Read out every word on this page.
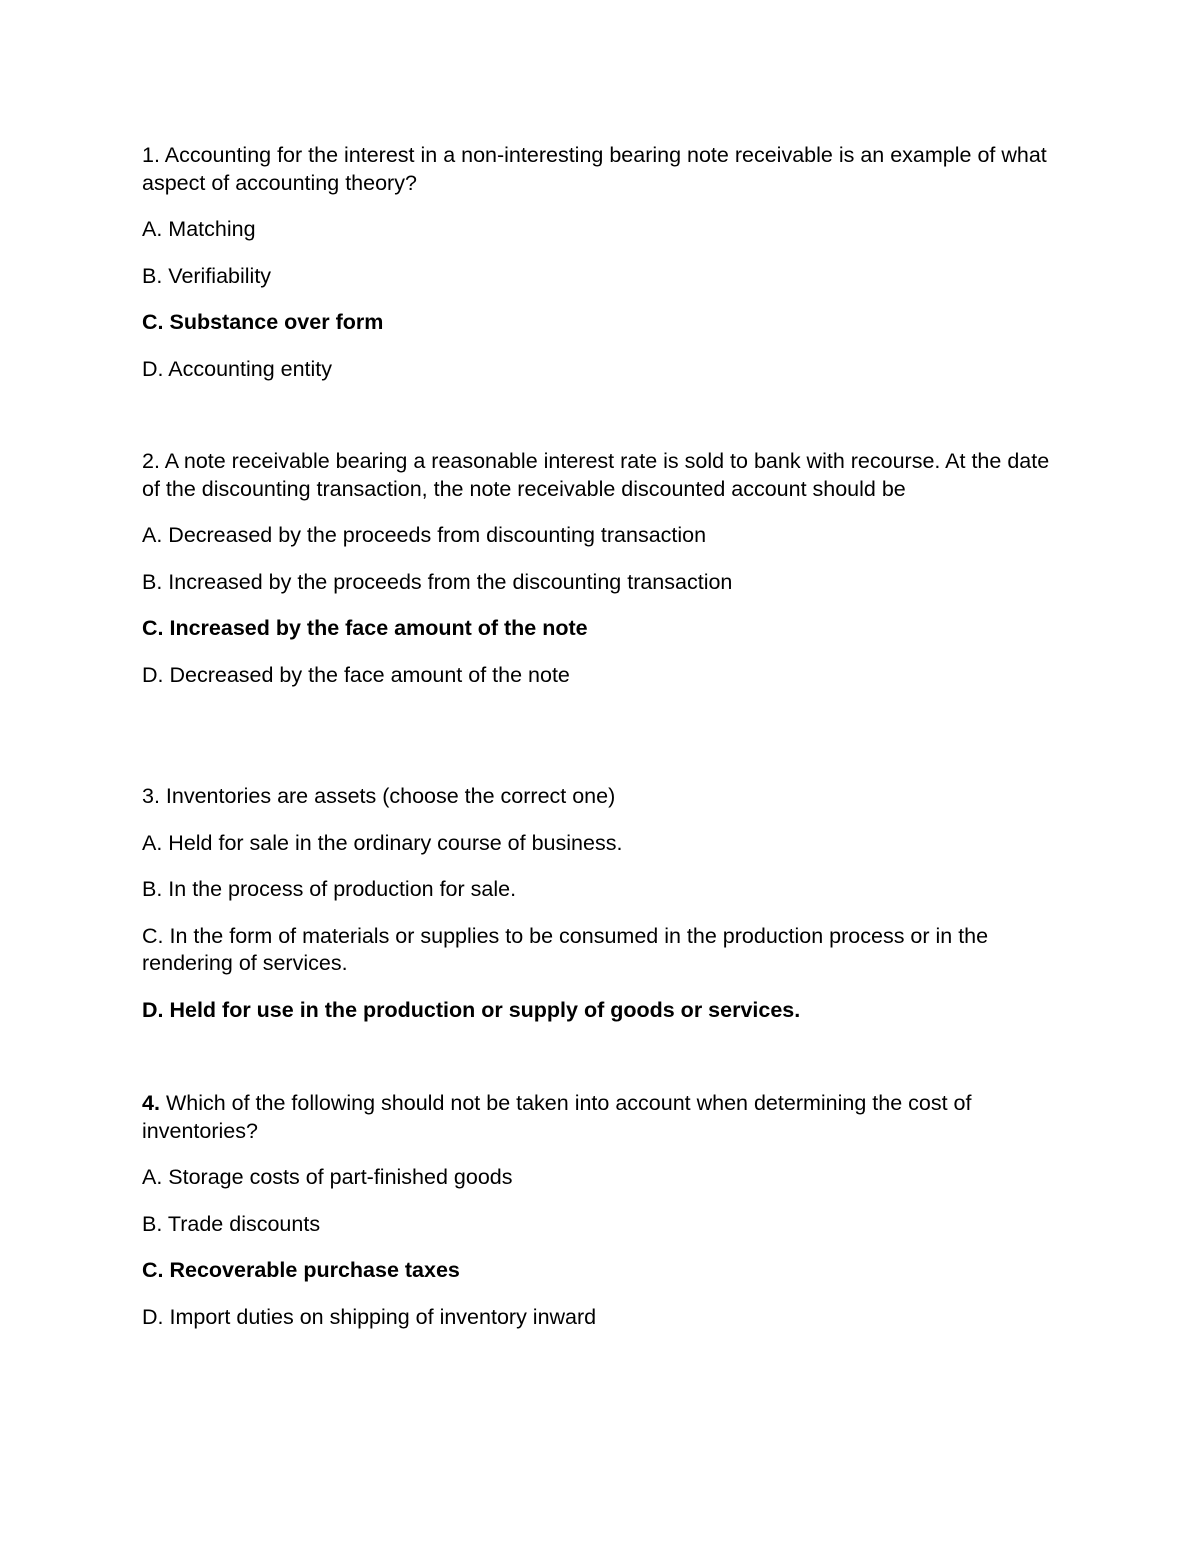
1. Accounting for the interest in a non-interesting bearing note receivable is an example of what aspect of accounting theory?

A. Matching

B. Verifiability

C. Substance over form

D. Accounting entity

2. A note receivable bearing a reasonable interest rate is sold to bank with recourse. At the date of the discounting transaction, the note receivable discounted account should be

A. Decreased by the proceeds from discounting transaction

B. Increased by the proceeds from the discounting transaction

C. Increased by the face amount of the note

D. Decreased by the face amount of the note

3. Inventories are assets (choose the correct one)

A. Held for sale in the ordinary course of business.

B. In the process of production for sale.

C. In the form of materials or supplies to be consumed in the production process or in the rendering of services.

D. Held for use in the production or supply of goods or services.

4. Which of the following should not be taken into account when determining the cost of inventories?

A. Storage costs of part-finished goods

B. Trade discounts

C. Recoverable purchase taxes

D. Import duties on shipping of inventory inward
